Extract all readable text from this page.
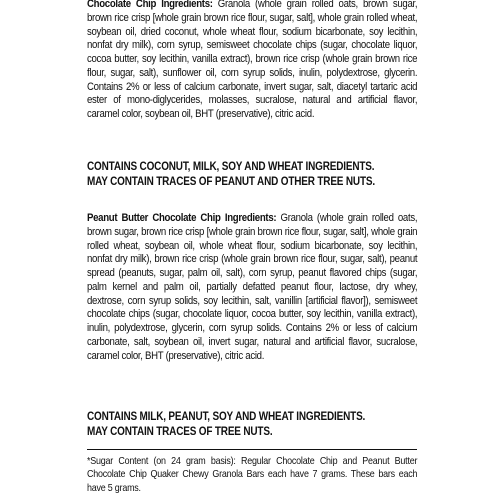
Chocolate Chip Ingredients: Granola (whole grain rolled oats, brown sugar, brown rice crisp [whole grain brown rice flour, sugar, salt], whole grain rolled wheat, soybean oil, dried coconut, whole wheat flour, sodium bicarbonate, soy lecithin, nonfat dry milk), corn syrup, semisweet chocolate chips (sugar, chocolate liquor, cocoa butter, soy lecithin, vanilla extract), brown rice crisp (whole grain brown rice flour, sugar, salt), sunflower oil, corn syrup solids, inulin, polydextrose, glycerin. Contains 2% or less of calcium carbonate, invert sugar, salt, diacetyl tartaric acid ester of mono-diglycerides, molasses, sucralose, natural and artificial flavor, caramel color, soybean oil, BHT (preservative), citric acid.

CONTAINS COCONUT, MILK, SOY AND WHEAT INGREDIENTS.
MAY CONTAIN TRACES OF PEANUT AND OTHER TREE NUTS.

Peanut Butter Chocolate Chip Ingredients: Granola (whole grain rolled oats, brown sugar, brown rice crisp [whole grain brown rice flour, sugar, salt], whole grain rolled wheat, soybean oil, whole wheat flour, sodium bicarbonate, soy lecithin, nonfat dry milk), brown rice crisp (whole grain brown rice flour, sugar, salt), peanut spread (peanuts, sugar, palm oil, salt), corn syrup, peanut flavored chips (sugar, palm kernel and palm oil, partially defatted peanut flour, lactose, dry whey, dextrose, corn syrup solids, soy lecithin, salt, vanillin [artificial flavor]), semisweet chocolate chips (sugar, chocolate liquor, cocoa butter, soy lecithin, vanilla extract), inulin, polydextrose, glycerin, corn syrup solids. Contains 2% or less of calcium carbonate, salt, soybean oil, invert sugar, natural and artificial flavor, sucralose, caramel color, BHT (preservative), citric acid.

CONTAINS MILK, PEANUT, SOY AND WHEAT INGREDIENTS.
MAY CONTAIN TRACES OF TREE NUTS.

*Sugar Content (on 24 gram basis): Regular Chocolate Chip and Peanut Butter Chocolate Chip Quaker Chewy Granola Bars each have 7 grams. These bars each have 5 grams.
